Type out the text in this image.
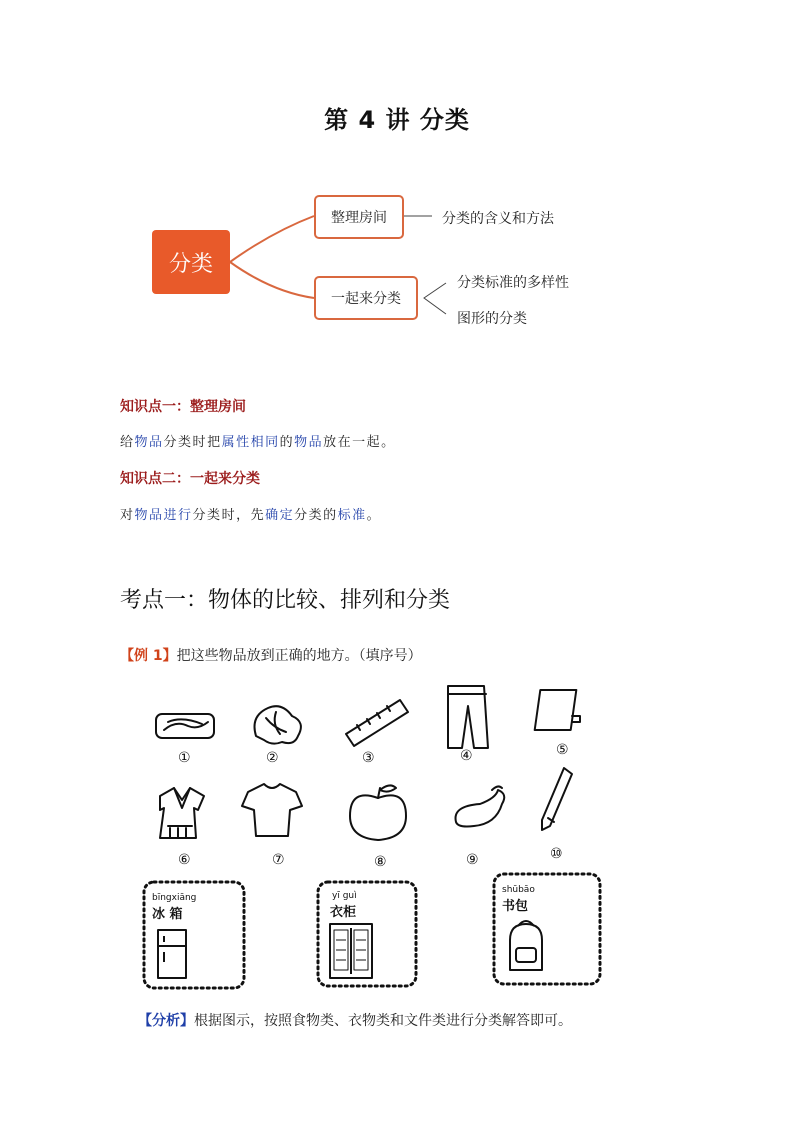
第 4 讲 分类
分类
整理房间
一起来分类
分类的含义和方法
分类标准的多样性
图形的分类
知识点一：整理房间
给物品分类时把属性相同的物品放在一起。
知识点二：一起来分类
对物品进行分类时，先确定分类的标准。
考点一：物体的比较、排列和分类
【例 1】把这些物品放到正确的地方。（填序号）
①	②	③	④	⑤
⑥	⑦	⑧	⑨	⑩
bīngxiāng
冰 箱
yī guì
衣柜
shūbāo
书包
【分析】根据图示，按照食物类、衣物类和文件类进行分类解答即可。
